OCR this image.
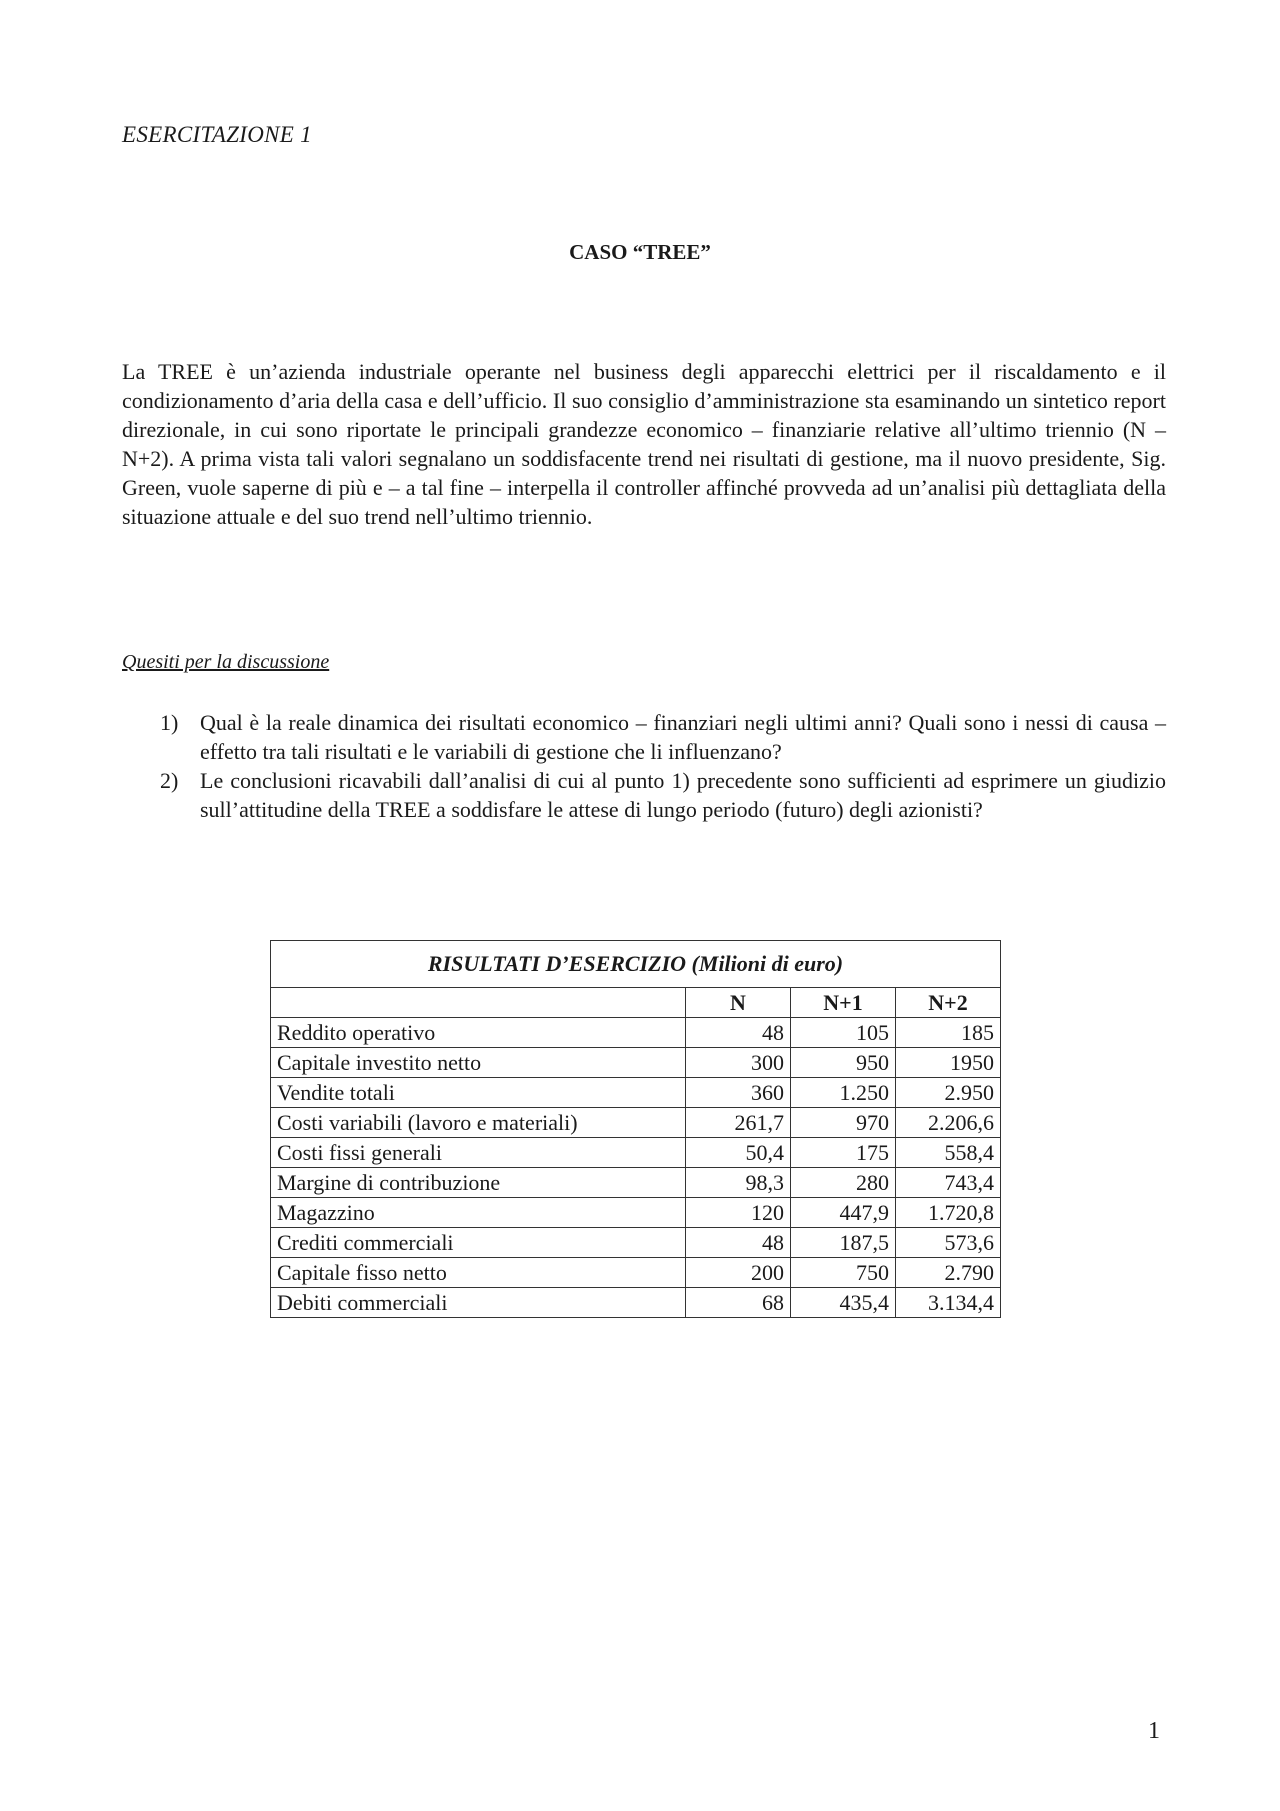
ESERCITAZIONE 1
CASO “TREE”

La TREE è un’azienda industriale operante nel business degli apparecchi elettrici per il riscaldamento e il condizionamento d’aria della casa e dell’ufficio. Il suo consiglio d’amministrazione sta esaminando un sintetico report direzionale, in cui sono riportate le principali grandezze economico – finanziarie relative all’ultimo triennio (N – N+2). A prima vista tali valori segnalano un soddisfacente trend nei risultati di gestione, ma il nuovo presidente, Sig. Green, vuole saperne di più e – a tal fine – interpella il controller affinché provveda ad un’analisi più dettagliata della situazione attuale e del suo trend nell’ultimo triennio.

Quesiti per la discussione
1) Qual è la reale dinamica dei risultati economico – finanziari negli ultimi anni? Quali sono i nessi di causa – effetto tra tali risultati e le variabili di gestione che li influenzano?
2) Le conclusioni ricavabili dall’analisi di cui al punto 1) precedente sono sufficienti ad esprimere un giudizio sull’attitudine della TREE a soddisfare le attese di lungo periodo (futuro) degli azionisti?
RISULTATI D’ESERCIZIO (Milioni di euro)			
	N	N+1	N+2
Reddito operativo	48	105	185
Capitale investito netto	300	950	1950
Vendite totali	360	1.250	2.950
Costi variabili (lavoro e materiali)	261,7	970	2.206,6
Costi fissi generali	50,4	175	558,4
Margine di contribuzione	98,3	280	743,4
Magazzino	120	447,9	1.720,8
Crediti commerciali	48	187,5	573,6
Capitale fisso netto	200	750	2.790
Debiti commerciali	68	435,4	3.134,4
1
